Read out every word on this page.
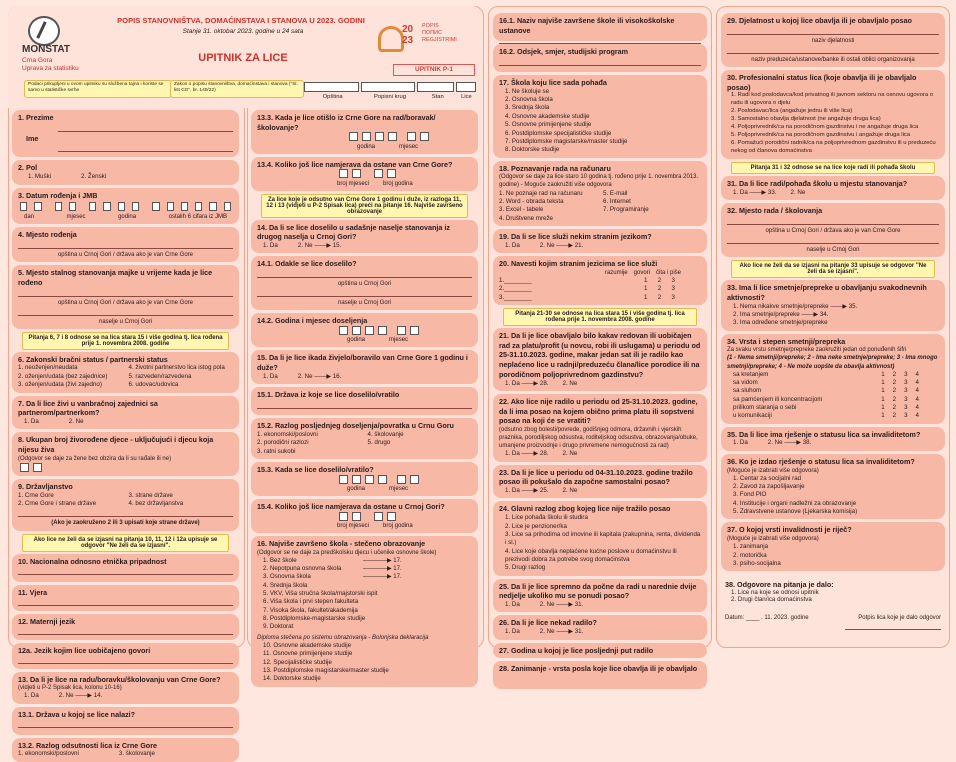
MONSTAT
Crna Gora
Uprava za statistiku
POPIS STANOVNIŠTVA, DOMAĆINSTAVA I STANOVA U 2023. GODINI
Stanje 31. oktobar 2023. godine u 24 sata
UPITNIK ZA LICE
20
23
POPIS
ПОПИС
REGJISTRIMI
UPITNIK P-1
Podaci prikupljeni u ovom upitniku su službena tajna i koriste se samo u statističke svrhe
Zakon o popisu stanovništva, domaćinstava i stanova ("Sl. list CG", br. 140/22)
Opština	Popisni krug	Stan	Lice
1. Prezime
Ime
2. Pol
1. Muški	2. Ženski
3. Datum rođenja i JMB
dan	mjesec	godina	ostalih 6 cifara iz JMB
4. Mjesto rođenja
opština u Crnoj Gori / država ako je van Crne Gore
5. Mjesto stalnog stanovanja majke u vrijeme kada je lice rođeno
opština u Crnoj Gori / država ako je van Crne Gore
naselje u Crnoj Gori
Pitanja 6, 7 i 8 odnose se na lica stara 15 i više godina tj. lica rođena prije 1. novembra 2008. godine
6. Zakonski bračni status / partnerski status
1. neoženjen/neudata
2. oženjen/udata (bez zajednice)
3. oženjen/udata (živi zajedno)
4. životni partnerstvo lica istog pola
5. razveden/razvedena
6. udovac/udovica
7. Da li lice živi u vanbračnoj zajednici sa partnerom/partnerkom?
1. Da	2. Ne
8. Ukupan broj živorođene djece - uključujući i djecu koja nijesu živa
(Odgovor se daje za žene bez obzira da li su rađale ili ne)
9. Državljanstvo
1. Crne Gore
2. Crne Gore i strane države
3. strane države
4. bez državljanstva
(Ako je zaokruženo 2 ili 3 upisati koje strane države)
Ako lice ne želi da se izjasni na pitanja 10, 11, 12 i 12a upisuje se odgovor "Ne želi da se izjasni".
10. Nacionalna odnosno etnička pripadnost
11. Vjera
12. Maternji jezik
12a. Jezik kojim lice uobičajeno govori
13. Da li je lice na radu/boravku/školovanju van Crne Gore?
(vidjeti u P-2 Spisak lica, kolonu 10-16)
1. Da	2. Ne ——▶ 14.
13.1. Država u kojoj se lice nalazi?
13.2. Razlog odsutnosti lica iz Crne Gore
1. ekonomski/poslovni	3. školovanje
13.3. Kada je lice otišlo iz Crne Gore na rad/boravak/školovanje?

godina	mjesec
13.4. Koliko još lice namjerava da ostane van Crne Gore?

broj mjeseci broj godina
Za lice koje je odsutno van Crne Gore 1 godinu i duže, iz razloga 11, 12 i 13 (vidjeti u P-2 Spisak lica) preći na pitanje 16. Najviše završeno obrazovanje
14. Da li se lice doselilo u sadašnje naselje stanovanja iz drugog naselja u Crnoj Gori?
1. Da	2. Ne ——▶ 15.
14.1. Odakle se lice doselilo?
opština u Crnoj Gori
naselje u Crnoj Gori
14.2. Godina i mjesec doseljenja

godina	mjesec
15. Da li je lice ikada živjelo/boravilo van Crne Gore 1 godinu i duže?
1. Da	2. Ne ——▶ 16.
15.1. Država iz koje se lice doselilo/vratilo
15.2. Razlog posljednjeg doseljenja/povratka u Crnu Goru
1. ekonomski/poslovni
2. porodični razlozi
3. ratni sukobi
4. školovanje
5. drugo
15.3. Kada se lice doselilo/vratilo?

godina	mjesec
15.4. Koliko još lice namjerava da ostane u Crnoj Gori?

broj mjeseci broj godina
16. Najviše završeno škola - stečeno obrazovanje
(Odgovor se ne daje za predškolsku djecu i učenike osnovne škole)
1. Bez škole
2. Nepotpuna osnovna škola
3. Osnovna škola
4. Srednja škola
5. VKV, Viša stručna škola/majstorski ispit
6. Viša škola i prvi stepen fakulteta
7. Visoka škola, fakultet/akademija
8. Postdiplomske-magistarske studije
9. Doktorat
————▶ 17.
————▶ 17.
————▶ 17.
Diploma stečena po sistemu obrazovanja - Bolonjska deklaracija
10. Osnovne akademske studije
11. Osnovne primijenjene studije
12. Specijalističke studije
13. Postdiplomske magistarske/master studije
14. Doktorske studije
16.1. Naziv najviše završene škole ili visokoškolske ustanove
16.2. Odsjek, smjer, studijski program
17. Škola koju lice sada pohađa
1. Ne školuje se
2. Osnovna škola
3. Srednja škola
4. Osnovne akademske studije
5. Osnovne primijenjene studije
6. Postdiplomske specijalističke studije
7. Postdiplomske magistarske/master studije
8. Doktorske studije
18. Poznavanje rada na računaru
(Odgovor se daje za lice staro 10 godina tj. rođeno prije 1. novembra 2013. godine) - Moguće zaokružiti više odgovora
1. Ne poznaje rad na računaru
2. Word - obrada teksta
3. Excel - tabele
4. Društvene mreže
5. E-mail
6. Internet
7. Programiranje
19. Da li se lice služi nekim stranim jezikom?
1. Da	2. Ne ——▶ 21.
20. Navesti kojim stranim jezicima se lice služi
razumije govori čita i piše
1.________	1      2      3
2.________	1      2      3
3.________	1      2      3
Pitanja 21-30 se odnose na lica stara 15 i više godina tj. lica rođena prije 1. novembra 2008. godine
21. Da li je lice obavljalo bilo kakav redovan ili uobičajen rad za platu/profit (u novcu, robi ili uslugama) u periodu od 25-31.10.2023. godine, makar jedan sat ili je radilo kao neplaćeno lice u radnji/preduzeću člana/lice porodice ili na porodičnom poljoprivrednom gazdinstvu?
1. Da ——▶ 28. 2. Ne
22. Ako lice nije radilo u periodu od 25-31.10.2023. godine, da li ima posao na kojem obično prima platu ili sopstveni posao na koji će se vratiti?
(odsutno zbog bolesti/povrede, godišnjeg odmora, državnih i vjerskih praznika, porodiljskog odsustva, roditeljskog odsustva, obrazovanja/obuke, umanjene proizvodnje i drugo privremene nemogućnosti za rad)
1. Da ——▶ 28. 2. Ne
23. Da li je lice u periodu od 04-31.10.2023. godine tražilo posao ili pokušalo da započne samostalni posao?
1. Da ——▶ 25. 2. Ne
24. Glavni razlog zbog kojeg lice nije tražilo posao
1. Lice pohađa školu ili studira
2. Lice je penzioner/ka
3. Lice sa prihodima od imovine ili kapitala (zakupnina, renta, dividenda i sl.)
4. Lice koje obavlja neplaćene kućne poslove u domaćinstvu ili prezivodi dobra za potrebe svog domaćinstva
5. Drugi razlog
25. Da li je lice spremno da počne da radi u narednie dvije nedjelje ukoliko mu se ponudi posao?
1. Da	2. Ne ——▶ 31.
26. Da li je lice nekad radilo?
1. Da	2. Ne ——▶ 31.
27. Godina u kojoj je lice posljednji put radilo
28. Zanimanje - vrsta posla koje lice obavlja ili je obavljalo
29. Djelatnost u kojoj lice obavlja ili je obavljalo posao
naziv djelatnosti
naziv preduzeća/ustanove/banke ili ostali oblici organizovanja
30. Profesionalni status lica (koje obavlja ili je obavljalo posao)
1. Radi kod poslodavca/kod privatnog ili javnom sektoru na osnovu ugovora o radu ili ugovora o djelu
2. Poslodavac/lica (angažuje jednu ili više lica)
3. Samostalno obavlja djelatnost (ne angažuje druga lica)
4. Poljoprivrednik/ca na porodičnom gazdinstvu i ne angažuje druga lica
5. Poljoprivrednik/ca na porodičnom gazdinstvu i angažuje druga lica
6. Pomažući porodični radnik/ca na poljoprivrednom gazdinstvu ili u preduzeću nekog od članova domaćinstva
Pitanja 31 i 32 odnose se na lice koje radi ili pohađa školu
31. Da li lice radi/pohađa školu u mjestu stanovanja?
1. Da ——▶ 33. 2. Ne
32. Mjesto rada / školovanja
opština u Crnoj Gori / država ako je van Crne Gore
naselje u Crnoj Gori
Ako lice ne želi da se izjasni na pitanje 33 upisuje se odgovor "Ne želi da se izjasni".
33. Ima li lice smetnje/prepreke u obavljanju svakodnevnih aktivnosti?
1. Nema nikakve smetnje/prepreke ——▶ 35.
2. Ima smetnje/prepreke ——▶ 34.
3. Ima određene smetnje/prepreke
34. Vrsta i stepen smetnji/prepreka
Za svaku vrstu smetnje/prepreke zaokružiti jedan od ponuđenih šifri
(1 - Nema smetnji/prepreke; 2 - Ima neke smetnje/prepreke; 3 - Ima mnogo smetnji/prepreke; 4 - Ne može uopšte da obavlja aktivnost)
sa kretanjem	1 2 3 4
sa vidom	1 2 3 4
sa sluhom	1 2 3 4
sa pamćenjem ili koncentracijom	1 2 3 4
prilikom staranja o sebi	1 2 3 4
u komunikaciji	1 2 3 4
35. Da li lice ima rješenje o statusu lica sa invaliditetom?
1. Da	2. Ne ——▶ 38.
36. Ko je izdao rješenje o statusu lica sa invaliditetom?
(Moguće je izabrati više odgovora)
1. Centar za socijalni rad
2. Zavod za zapošljavanje
3. Fond PIO
4. Institucije i organi nadležni za obrazovanje
5. Zdravstvene ustanove (Ljekarska komisija)
37. O kojoj vrsti invalidnosti je riječ?
(Moguće je izabrati više odgovora)
1. zanimanja
2. motorička
3. psiho-socijalna
38. Odgovore na pitanja je dalo:
1. Lice na koje se odnosi upitnik
2. Drugi član/ica domaćinstva
Datum: ____ . 11. 2023. godine	Potpis lica koje je dalo odgovor
